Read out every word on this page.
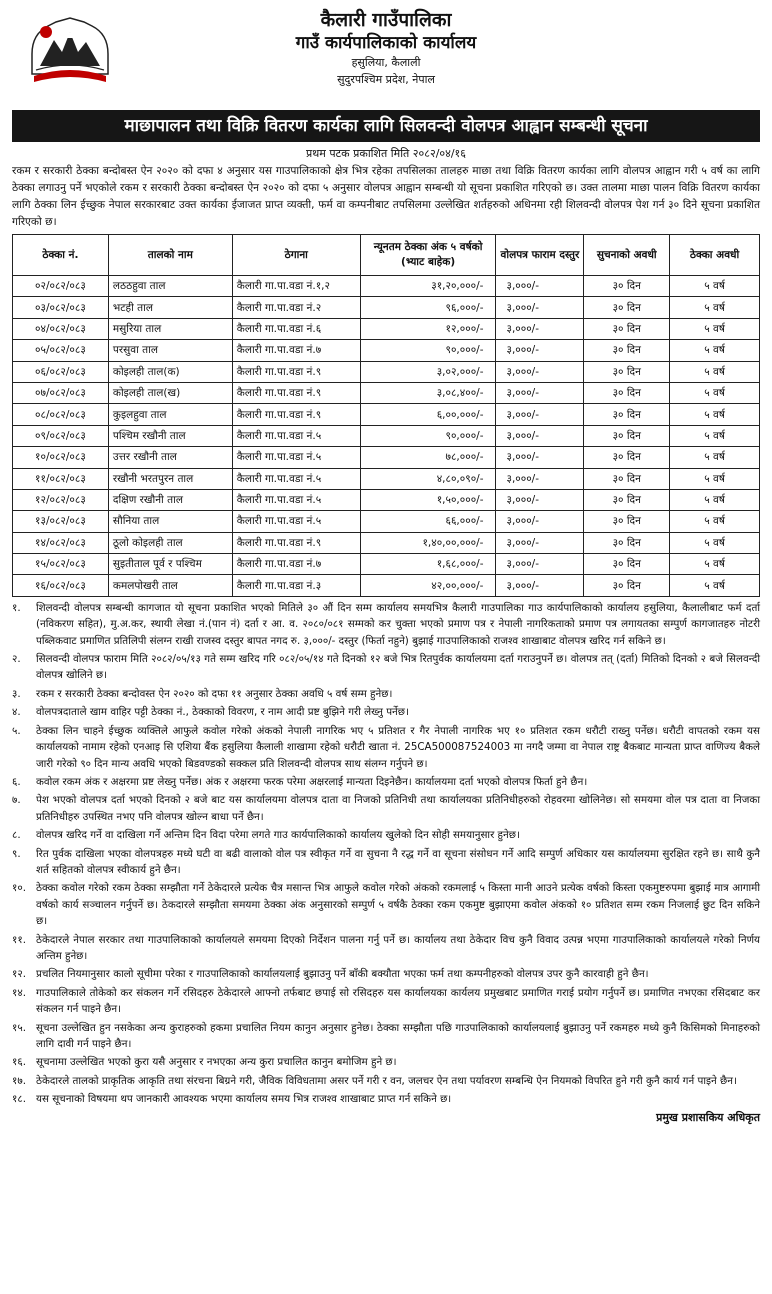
कैलारी गाउँपालिका
गाउँ कार्यपालिकाको कार्यालय
हसुलिया, कैलाली
सुदुरपश्चिम प्रदेश, नेपाल
माछापालन तथा विक्रि वितरण कार्यका लागि सिलवन्दी वोलपत्र आह्वान सम्बन्धी सूचना
प्रथम पटक प्रकाशित मिति २०८२/०४/१६
रकम र सरकारी ठेक्का बन्दोबस्त ऐन २०२० को दफा ४ अनुसार यस गाउपालिकाको क्षेत्र भित्र रहेका तपसिलका तालहरु माछा तथा विक्रि वितरण कार्यका लागि वोलपत्र आह्वान गरी ५ वर्ष का लागि ठेक्का लगाउनु पर्ने भएकोले रकम र सरकारी ठेक्का बन्दोबस्त ऐन २०२० को दफा ५ अनुसार वोलपत्र आह्वान सम्बन्धी यो सूचना प्रकाशित गरिएको छ। उक्त तालमा माछा पालन विक्रि वितरण कार्यका लागि ठेक्का लिन ईच्छुक नेपाल सरकारबाट उक्त कार्यका ईजाजत प्राप्त व्यक्ती, फर्म वा कम्पनीबाट तपसिलमा उल्लेखित शर्तहरुको अधिनमा रही शिलवन्दी वोलपत्र पेश गर्न ३० दिने सूचना प्रकाशित गरिएको छ।
ठेक्का नं.	तालको नाम	ठेगाना	न्यूनतम ठेक्का अंक ५ वर्षको (भ्याट बाहेक)	वोलपत्र फाराम दस्तुर	सुचनाको अवधी	ठेक्का अवधी
०२/०८२/०८३	लठठहुवा ताल	कैलारी गा.पा.वडा नं.१,२	३१,२०,०००/-	३,०००/-	३० दिन	५ वर्ष
०३/०८२/०८३	भटही ताल	कैलारी गा.पा.वडा नं.२	९६,०००/-	३,०००/-	३० दिन	५ वर्ष
०४/०८२/०८३	मसुरिया ताल	कैलारी गा.पा.वडा नं.६	१२,०००/-	३,०००/-	३० दिन	५ वर्ष
०५/०८२/०८३	परसुवा ताल	कैलारी गा.पा.वडा नं.७	९०,०००/-	३,०००/-	३० दिन	५ वर्ष
०६/०८२/०८३	कोइलही ताल(क)	कैलारी गा.पा.वडा नं.९	३,०२,०००/-	३,०००/-	३० दिन	५ वर्ष
०७/०८२/०८३	कोइलही ताल(ख)	कैलारी गा.पा.वडा नं.९	३,०८,४००/-	३,०००/-	३० दिन	५ वर्ष
०८/०८२/०८३	कुइलहुवा ताल	कैलारी गा.पा.वडा नं.९	६,००,०००/-	३,०००/-	३० दिन	५ वर्ष
०९/०८२/०८३	पश्चिम रखौनी ताल	कैलारी गा.पा.वडा नं.५	९०,०००/-	३,०००/-	३० दिन	५ वर्ष
१०/०८२/०८३	उत्तर रखौनी ताल	कैलारी गा.पा.वडा नं.५	७८,०००/-	३,०००/-	३० दिन	५ वर्ष
११/०८२/०८३	रखौनी भरतपुरन ताल	कैलारी गा.पा.वडा नं.५	४,८०,०९०/-	३,०००/-	३० दिन	५ वर्ष
१२/०८२/०८३	दक्षिण रखौनी ताल	कैलारी गा.पा.वडा नं.५	१,५०,०००/-	३,०००/-	३० दिन	५ वर्ष
१३/०८२/०८३	सौनिया ताल	कैलारी गा.पा.वडा नं.५	६६,०००/-	३,०००/-	३० दिन	५ वर्ष
१४/०८२/०८३	ठूलो कोइलही ताल	कैलारी गा.पा.वडा नं.९	१,४०,००,०००/-	३,०००/-	३० दिन	५ वर्ष
१५/०८२/०८३	सुइतीताल पूर्व र पश्चिम	कैलारी गा.पा.वडा नं.७	१,६८,०००/-	३,०००/-	३० दिन	५ वर्ष
१६/०८२/०८३	कमलपोखरी ताल	कैलारी गा.पा.वडा नं.३	४२,००,०००/-	३,०००/-	३० दिन	५ वर्ष
१.	शिलवन्दी वोलपत्र सम्बन्धी कागजात यो सूचना प्रकाशित भएको मितिले ३० औं दिन सम्म कार्यालय समयभित्र कैलारी गाउपालिका गाउ कार्यपालिकाको कार्यालय हसुलिया, कैलालीबाट फर्म दर्ता (नविकरण सहित), मु.अ.कर, स्थायी लेखा नं.(पान नं) दर्ता र आ. व. २०८०/०८१ सम्मको कर चुक्ता भएको प्रमाण पत्र र नेपाली नागरिकताको प्रमाण पत्र लगायतका सम्पुर्ण कागजातहरु नोटरी पब्लिकवाट प्रमाणित प्रतिलिपी संलग्न राखी राजस्व दस्तुर बापत नगद रु. ३,०००/- दस्तुर (फिर्ता नहुने) बुझाई गाउपालिकाको राजश्व शाखाबाट वोलपत्र खरिद गर्न सकिने छ।
२.	सिलवन्दी वोलपत्र फाराम मिति २०८२/०५/१३ गते सम्म खरिद गरि ०८२/०५/१४ गते दिनको १२ बजे भित्र रितपुर्वक कार्यालयमा दर्ता गराउनुपर्ने छ। वोलपत्र तत् (दर्ता) मितिको दिनको २ बजे सिलवन्दी वोलपत्र खोलिने छ।
३.	रकम र सरकारी ठेक्का बन्दोवस्त ऐन २०२० को दफा ११ अनुसार ठेक्का अवधि ५ वर्ष सम्म हुनेछ।
४.	वोलपत्रदाताले खाम वाहिर पट्टी ठेक्का नं., ठेक्काको विवरण, र नाम आदी प्रष्ट बुझिने गरी लेख्नु पर्नेछ।
५.	ठेक्का लिन चाहने ईच्छुक व्यक्तिले आफुले कवोल गरेको अंकको नेपाली नागरिक भए ५ प्रतिशत र गैर नेपाली नागरिक भए १० प्रतिशत रकम धरौटी राख्नु पर्नेछ। धरौटी वापतको रकम यस कार्यालयको नामाम रहेको एनआइ सि एशिया बैंक हसुलिया कैलाली शाखामा रहेको धरौटी खाता नं. 25CA500087524003 मा नगदै जम्मा वा नेपाल राष्ट्र बैकबाट मान्यता प्राप्त वाणिज्य बैकले जारी गरेको ९० दिन मान्य अवधि भएको बिडवण्डको सक्कल प्रति शिलवन्दी वोलपत्र साथ संलग्न गर्नुपने छ।
६.	कवोल रकम अंक र अक्षरमा प्रष्ट लेख्नु पर्नेछ। अंक र अक्षरमा फरक परेमा अक्षरलाई मान्यता दिइनेछैन। कार्यालयमा दर्ता भएको वोलपत्र फिर्ता हुने छैन।
७.	पेश भएको वोलपत्र दर्ता भएको दिनको २ बजे बाट यस कार्यालयमा वोलपत्र दाता वा निजको प्रतिनिधी तथा कार्यालयका प्रतिनिधीहरुको रोहवरमा खोलिनेछ। सो समयमा वोल पत्र दाता वा निजका प्रतिनिधीहरु उपस्थित नभए पनि वोलपत्र खोल्न बाधा पर्ने छैन।
८.	वोलपत्र खरिद गर्ने वा दाखिला गर्ने अन्तिम दिन विदा परेमा लगते गाउ कार्यपालिकाको कार्यालय खुलेको दिन सोही समयानुसार हुनेछ।
९.	रित पुर्वक दाखिला भएका वोलपत्रहरु मध्ये घटी वा बढी वालाको वोल पत्र स्वीकृत गर्ने वा सुचना नै रद्ध गर्ने वा सूचना संसोधन गर्ने आदि सम्पुर्ण अधिकार यस कार्यालयमा सुरक्षित रहने छ। साथै कुनै शर्त सहितको वोलपत्र स्वीकार्य हुने छैन।
१०. ठेक्का कवोल गरेको रकम ठेक्का सम्झौता गर्ने ठेकेदारले प्रत्येक चैत्र मसान्त भित्र आफुले कवोल गरेको अंकको रकमलाई ५ किस्ता मानी आउने प्रत्येक वर्षको किस्ता एकमुष्टरुपमा बुझाई मात्र आगामी वर्षको कार्य सञ्चालन गर्नुपर्ने छ। ठेकदारले सम्झौता समयमा ठेक्का अंक अनुसारको सम्पुर्ण ५ वर्षकै ठेक्का रकम एकमुष्ट बुझाएमा कवोल अंकको १० प्रतिशत सम्म रकम निजलाई छुट दिन सकिने छ।
११. ठेकेदारले नेपाल सरकार तथा गाउपालिकाको कार्यालयले समयमा दिएको निर्देशन पालना गर्नु पर्ने छ। कार्यालय तथा ठेकेदार विच कुनै विवाद उत्पन्न भएमा गाउपालिकाको कार्यालयले गरेको निर्णय अन्तिम हुनेछ।
१२. प्रचलित नियमानुसार कालो सूचीमा परेका र गाउपालिकाको कार्यालयलाई बुझाउनु पर्ने बाँकी बक्यौता भएका फर्म तथा कम्पनीहरुको वोलपत्र उपर कुनै कारवाही हुने छैन।
१४. गाउपालिकाले तोकेको कर संकलन गर्ने रसिदहरु ठेकेदारले आफ्नो तर्फबाट छपाई सो रसिदहरु यस कार्यालयका कार्यलय प्रमुखबाट प्रमाणित गराई प्रयोग गर्नुपर्ने छ। प्रमाणित नभएका रसिदबाट कर संकलन गर्न पाइने छैन।
१५. सूचना उल्लेखित हुन नसकेका अन्य कुराहरुको हकमा प्रचालित नियम कानुन अनुसार हुनेछ। ठेक्का सम्झौता पछि गाउपालिकाको कार्यालयलाई बुझाउनु पर्ने रकमहरु मध्ये कुनै किसिमको मिनाहरुको लागि दावी गर्न पाइने छैन।
१६. सूचनामा उल्लेखित भएको कुरा यसै अनुसार र नभएका अन्य कुरा प्रचालित कानुन बमोजिम हुने छ।
१७. ठेकेदारले तालको प्राकृतिक आकृति तथा संरचना बिग्रने गरी, जैविक विविधतामा असर पर्ने गरी र वन, जलचर ऐन तथा पर्यावरण सम्बन्धि ऐन नियमको विपरित हुने गरी कुनै कार्य गर्न पाइने छैन।
१८. यस सूचनाको विषयमा थप जानकारी आवश्यक भएमा कार्यालय समय भित्र राजश्व शाखाबाट प्राप्त गर्न सकिने छ।
प्रमुख प्रशासकिय अधिकृत
